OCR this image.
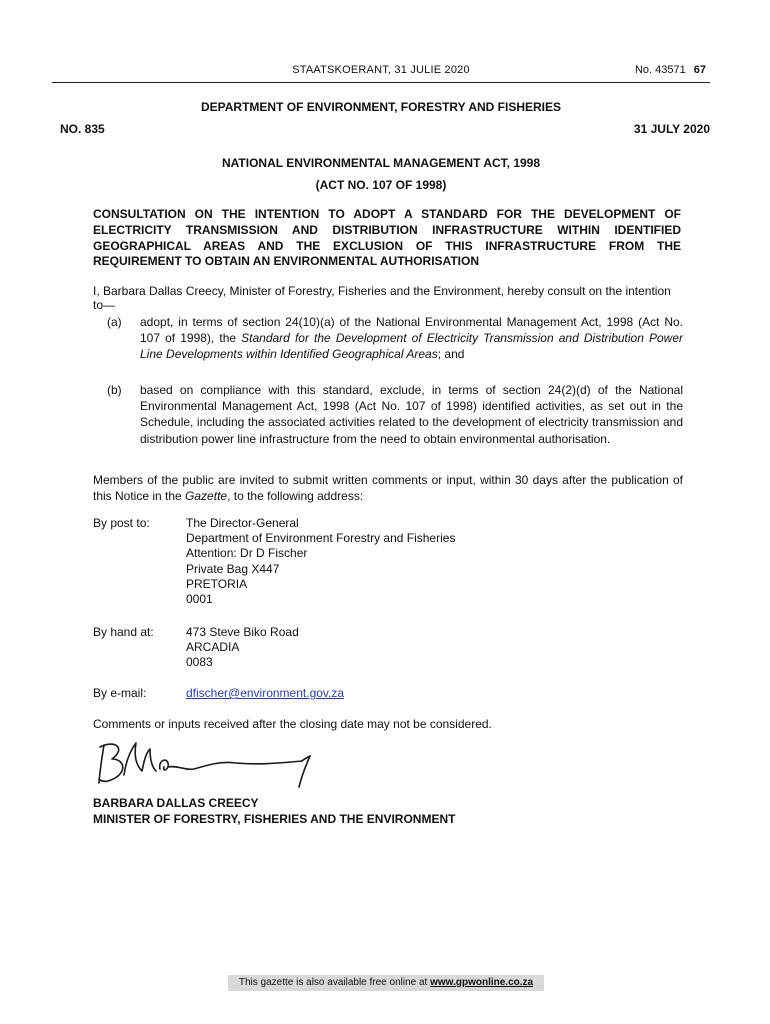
STAATSKOERANT, 31 JULIE 2020	No. 43571 67
DEPARTMENT OF ENVIRONMENT, FORESTRY AND FISHERIES
NO. 835	31 JULY 2020
NATIONAL ENVIRONMENTAL MANAGEMENT ACT, 1998
(ACT NO. 107 OF 1998)
CONSULTATION ON THE INTENTION TO ADOPT A STANDARD FOR THE DEVELOPMENT OF ELECTRICITY TRANSMISSION AND DISTRIBUTION INFRASTRUCTURE WITHIN IDENTIFIED GEOGRAPHICAL AREAS AND THE EXCLUSION OF THIS INFRASTRUCTURE FROM THE REQUIREMENT TO OBTAIN AN ENVIRONMENTAL AUTHORISATION
I, Barbara Dallas Creecy, Minister of Forestry, Fisheries and the Environment, hereby consult on the intention to—
(a) adopt, in terms of section 24(10)(a) of the National Environmental Management Act, 1998 (Act No. 107 of 1998), the Standard for the Development of Electricity Transmission and Distribution Power Line Developments within Identified Geographical Areas; and
(b) based on compliance with this standard, exclude, in terms of section 24(2)(d) of the National Environmental Management Act, 1998 (Act No. 107 of 1998) identified activities, as set out in the Schedule, including the associated activities related to the development of electricity transmission and distribution power line infrastructure from the need to obtain environmental authorisation.
Members of the public are invited to submit written comments or input, within 30 days after the publication of this Notice in the Gazette, to the following address:
By post to:	The Director-General
Department of Environment Forestry and Fisheries
Attention: Dr D Fischer
Private Bag X447
PRETORIA
0001
By hand at:	473 Steve Biko Road
ARCADIA
0083
By e-mail:	dfischer@environment.gov.za
Comments or inputs received after the closing date may not be considered.
BARBARA DALLAS CREECY
MINISTER OF FORESTRY, FISHERIES AND THE ENVIRONMENT
This gazette is also available free online at www.gpwonline.co.za
